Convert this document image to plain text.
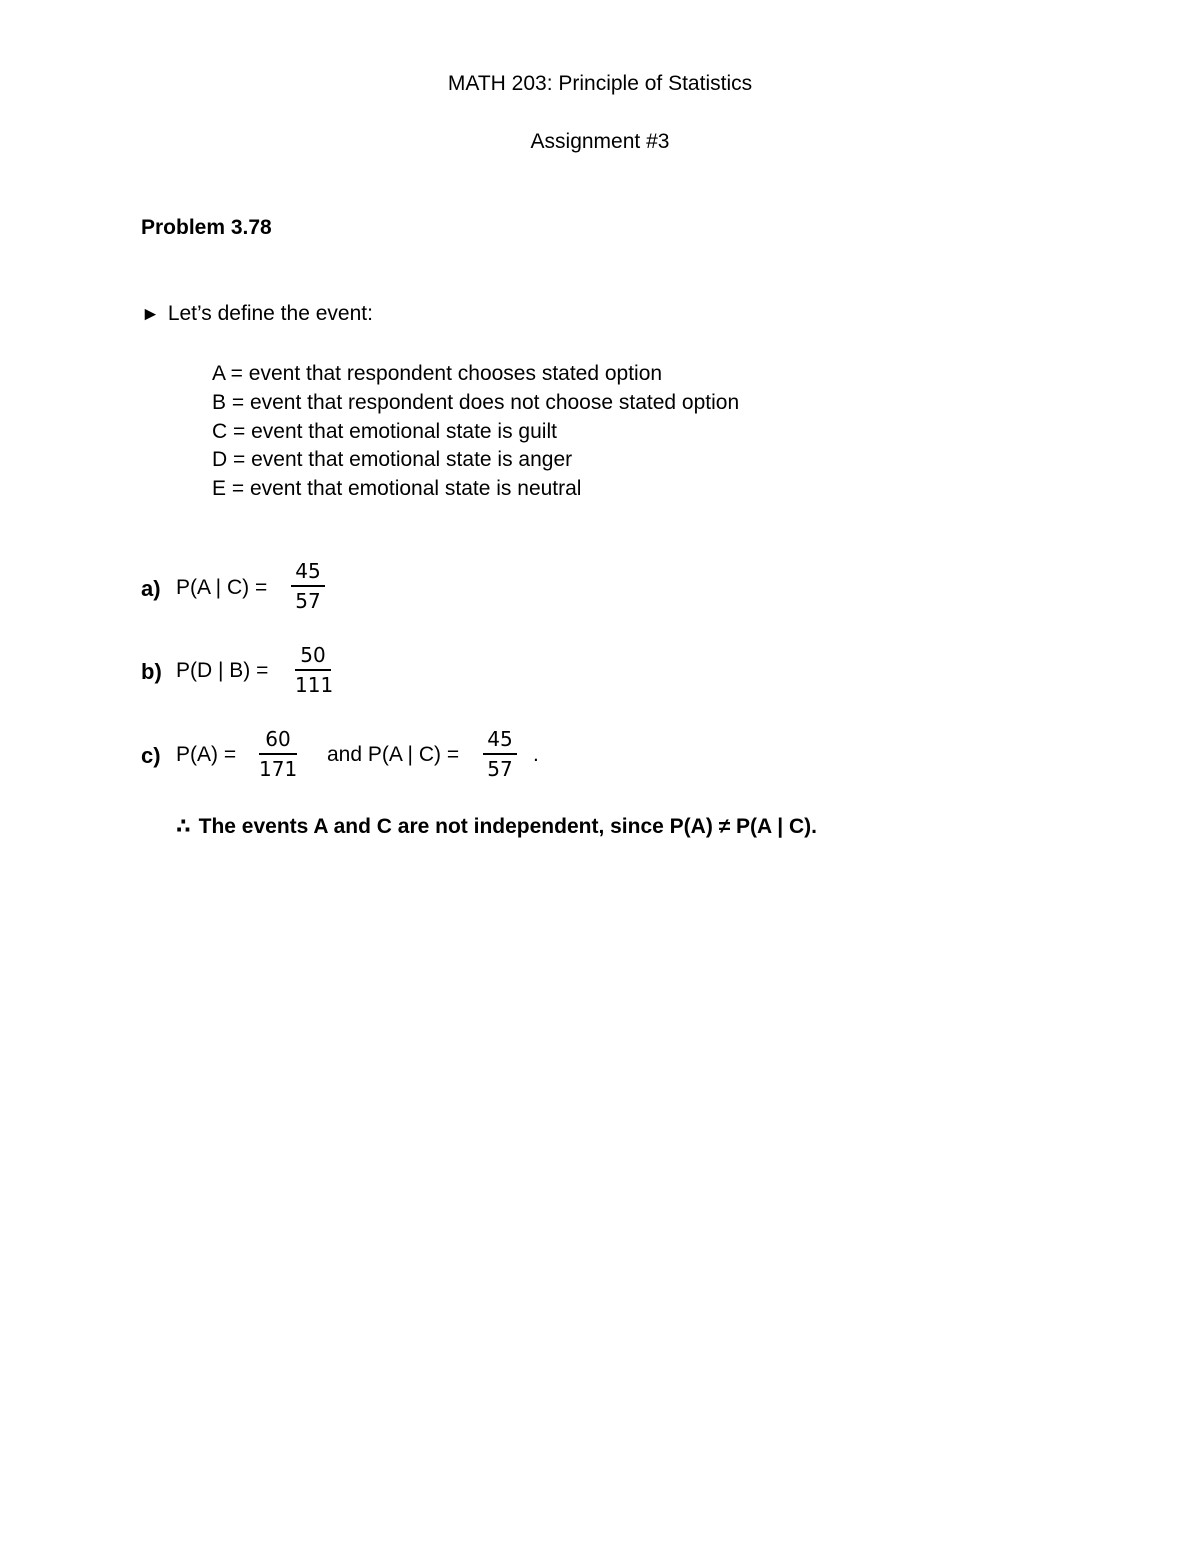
MATH 203: Principle of Statistics
Assignment #3
Problem 3.78
► Let’s define the event:
A = event that respondent chooses stated option
B = event that respondent does not choose stated option
C = event that emotional state is guilt
D = event that emotional state is anger
E = event that emotional state is neutral
a) P(A | C) =
45
57
b) P(D | B) =
50
111
c) P(A) =
60
171
and P(A | C) =
45
57
.
∴ The events A and C are not independent, since P(A) ≠ P(A | C).
